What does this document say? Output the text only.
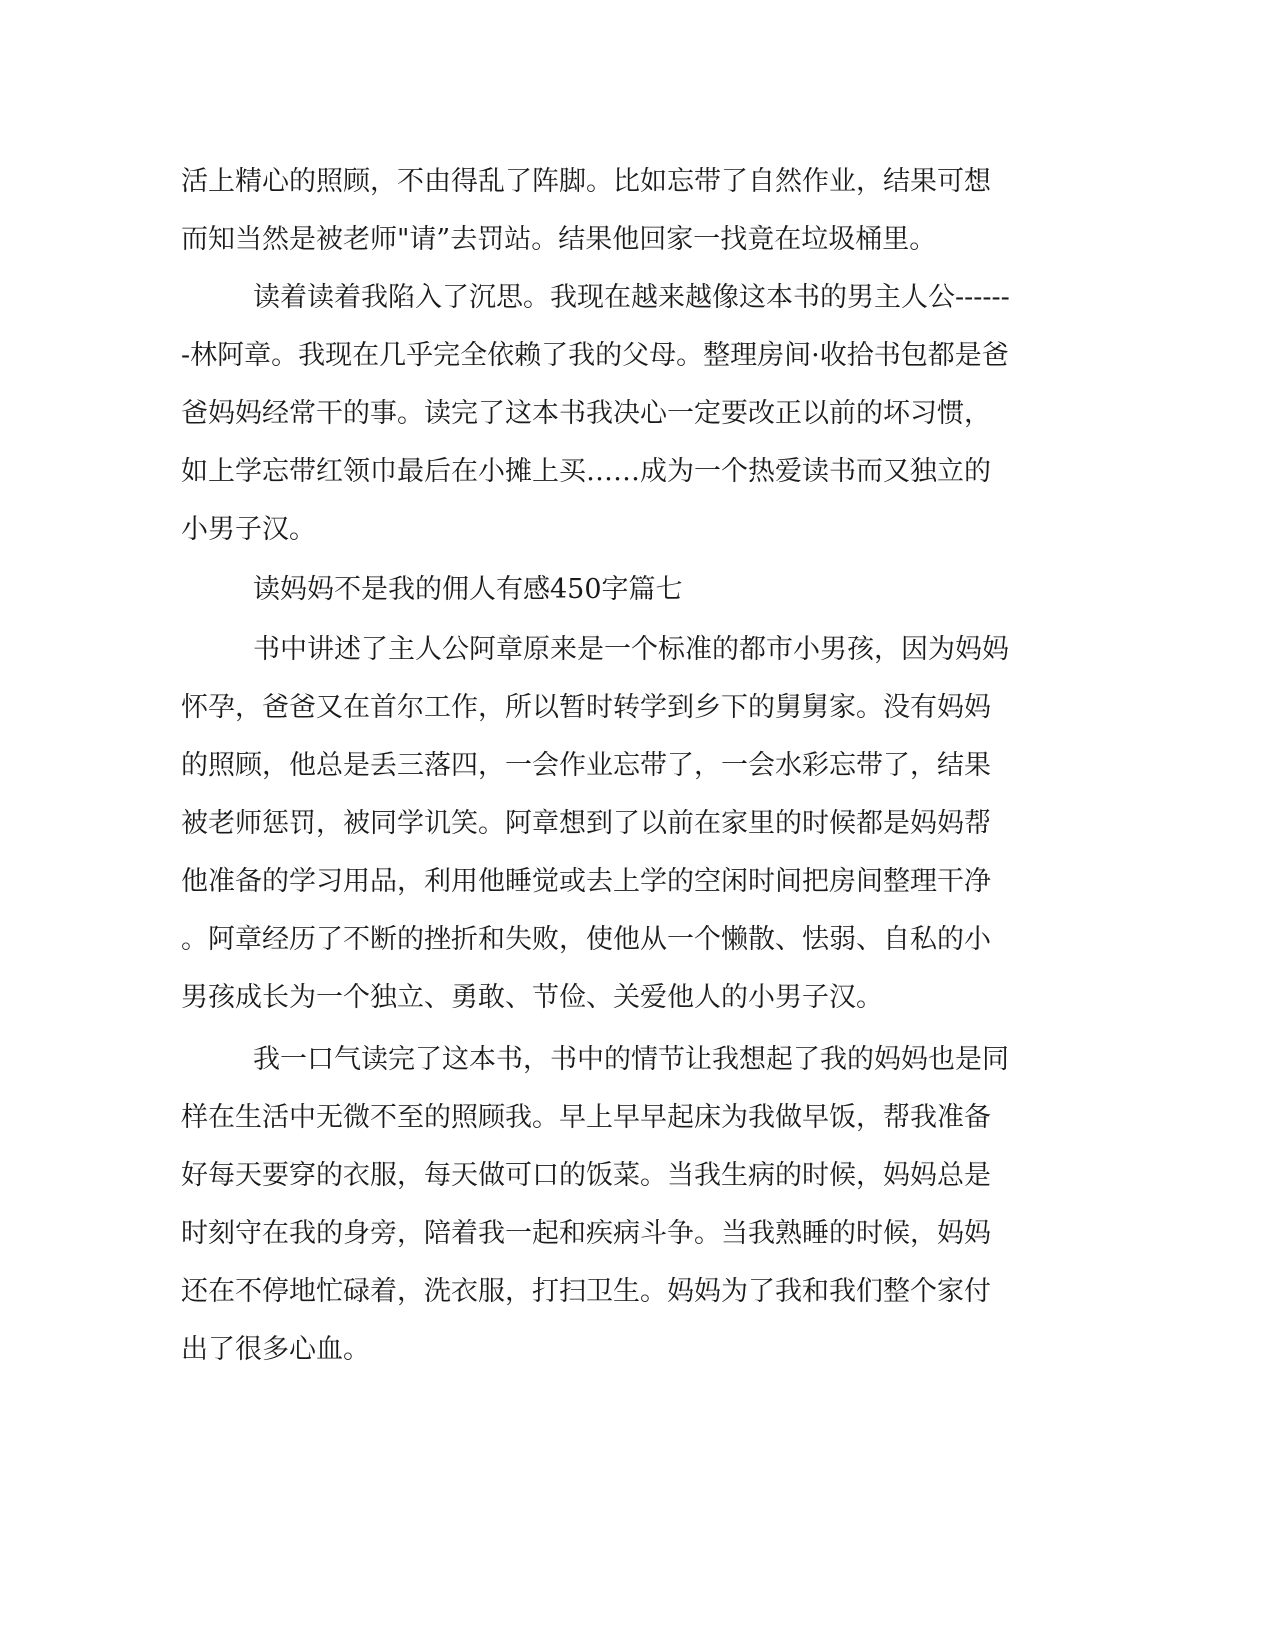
活上精心的照顾，不由得乱了阵脚。比如忘带了自然作业，结果可想
而知当然是被老师"请”去罚站。结果他回家一找竟在垃圾桶里。
读着读着我陷入了沉思。我现在越来越像这本书的男主人公------
-林阿章。我现在几乎完全依赖了我的父母。整理房间·收拾书包都是爸
爸妈妈经常干的事。读完了这本书我决心一定要改正以前的坏习惯，
如上学忘带红领巾最后在小摊上买……成为一个热爱读书而又独立的
小男子汉。
读妈妈不是我的佣人有感450字篇七
书中讲述了主人公阿章原来是一个标准的都市小男孩，因为妈妈
怀孕，爸爸又在首尔工作，所以暂时转学到乡下的舅舅家。没有妈妈
的照顾，他总是丢三落四，一会作业忘带了，一会水彩忘带了，结果
被老师惩罚，被同学讥笑。阿章想到了以前在家里的时候都是妈妈帮
他准备的学习用品，利用他睡觉或去上学的空闲时间把房间整理干净
。阿章经历了不断的挫折和失败，使他从一个懒散、怯弱、自私的小
男孩成长为一个独立、勇敢、节俭、关爱他人的小男子汉。
我一口气读完了这本书，书中的情节让我想起了我的妈妈也是同
样在生活中无微不至的照顾我。早上早早起床为我做早饭，帮我准备
好每天要穿的衣服，每天做可口的饭菜。当我生病的时候，妈妈总是
时刻守在我的身旁，陪着我一起和疾病斗争。当我熟睡的时候，妈妈
还在不停地忙碌着，洗衣服，打扫卫生。妈妈为了我和我们整个家付
出了很多心血。
